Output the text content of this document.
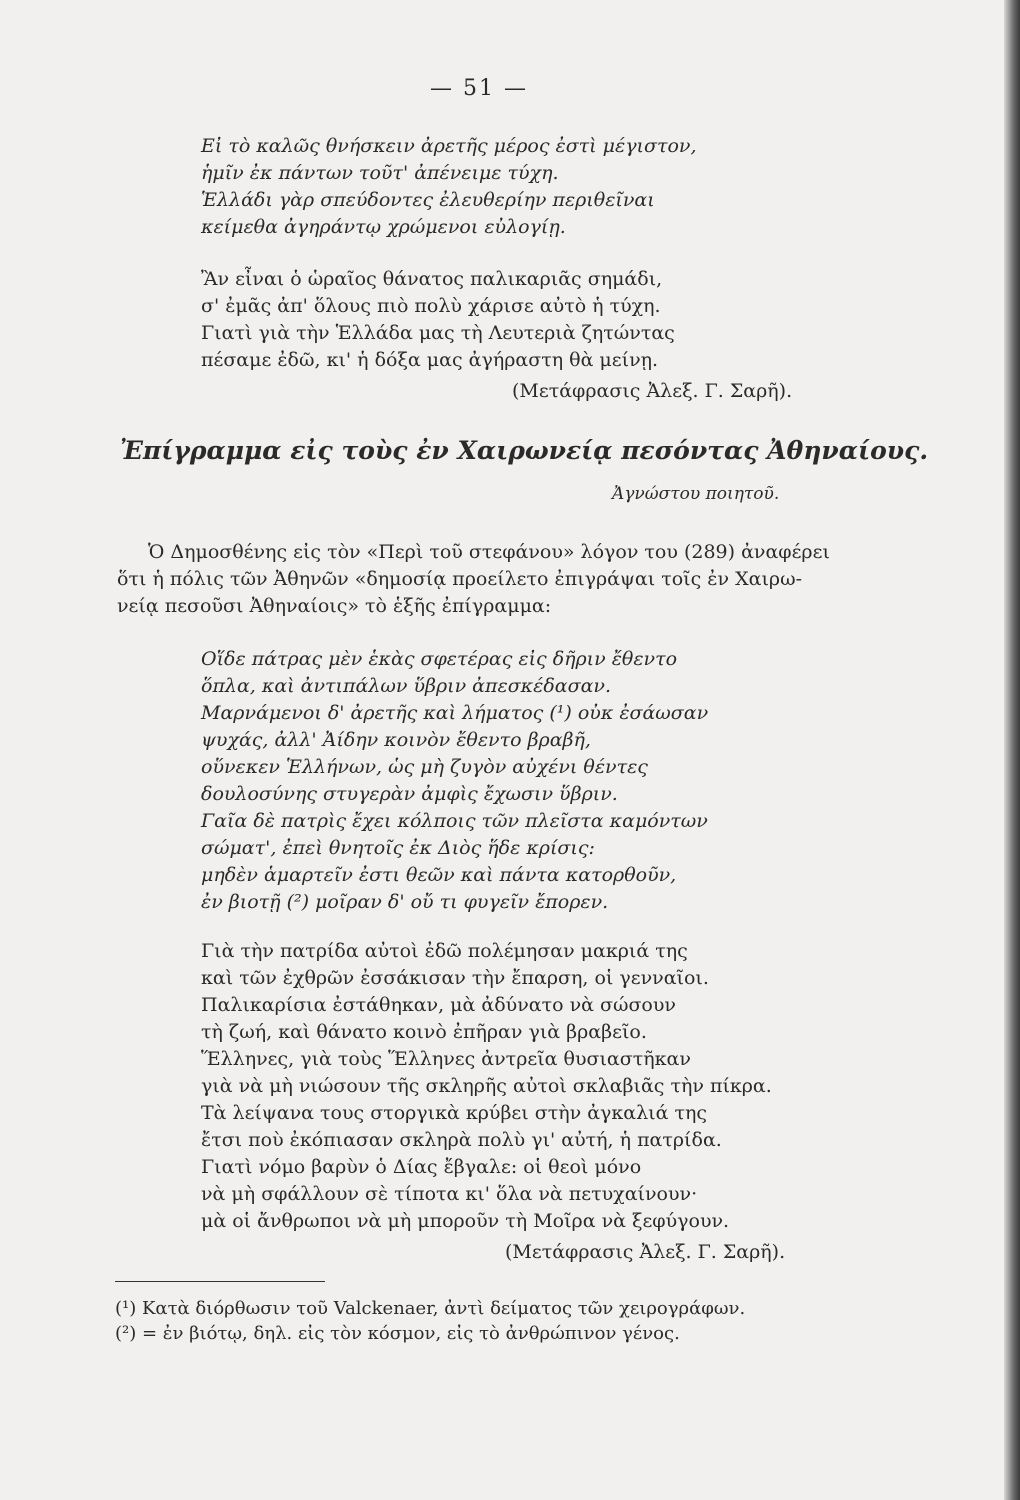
— 51 —
Εἰ τὸ καλῶς θνήσκειν ἀρετῆς μέρος ἐστὶ μέγιστον,
ἡμῖν ἐκ πάντων τοῦτ' ἀπένειμε τύχη.
Ἑλλάδι γὰρ σπεύδοντες ἐλευθερίην περιθεῖναι
κείμεθα ἀγηράντῳ χρώμενοι εὐλογίῃ.
Ἂν εἶναι ὁ ὡραῖος θάνατος παλικαριᾶς σημάδι,
σ' ἐμᾶς ἀπ' ὅλους πιὸ πολὺ χάρισε αὐτὸ ἡ τύχη.
Γιατὶ γιὰ τὴν Ἑλλάδα μας τὴ Λευτεριὰ ζητώντας
πέσαμε ἐδῶ, κι' ἡ δόξα μας ἀγήραστη θὰ μείνῃ.
(Μετάφρασις Ἀλεξ. Γ. Σαρῆ).
Ἐπίγραμμα εἰς τοὺς ἐν Χαιρωνείᾳ πεσόντας Ἀθηναίους.
Ἀγνώστου ποιητοῦ.
Ὁ Δημοσθένης εἰς τὸν «Περὶ τοῦ στεφάνου» λόγον του (289) ἀναφέρει
ὅτι ἡ πόλις τῶν Ἀθηνῶν «δημοσίᾳ προείλετο ἐπιγράψαι τοῖς ἐν Χαιρω-
νείᾳ πεσοῦσι Ἀθηναίοις» τὸ ἑξῆς ἐπίγραμμα:
Οἵδε πάτρας μὲν ἑκὰς σφετέρας εἰς δῆριν ἔθεντο
ὅπλα, καὶ ἀντιπάλων ὕβριν ἀπεσκέδασαν.
Μαρνάμενοι δ' ἀρετῆς καὶ λήματος (¹) οὐκ ἐσάωσαν
ψυχάς, ἀλλ' Ἀίδην κοινὸν ἔθεντο βραβῆ,
οὕνεκεν Ἑλλήνων, ὡς μὴ ζυγὸν αὐχένι θέντες
δουλοσύνης στυγερὰν ἀμφὶς ἔχωσιν ὕβριν.
Γαῖα δὲ πατρὶς ἔχει κόλποις τῶν πλεῖστα καμόντων
σώματ', ἐπεὶ θνητοῖς ἐκ Διὸς ἥδε κρίσις:
μηδὲν ἁμαρτεῖν ἐστι θεῶν καὶ πάντα κατορθοῦν,
ἐν βιοτῇ (²) μοῖραν δ' οὔ τι φυγεῖν ἔπορεν.
Γιὰ τὴν πατρίδα αὐτοὶ ἐδῶ πολέμησαν μακριά της
καὶ τῶν ἐχθρῶν ἐσσάκισαν τὴν ἔπαρση, οἱ γενναῖοι.
Παλικαρίσια ἐστάθηκαν, μὰ ἀδύνατο νὰ σώσουν
τὴ ζωή, καὶ θάνατο κοινὸ ἐπῆραν γιὰ βραβεῖο.
Ἕλληνες, γιὰ τοὺς Ἕλληνες ἀντρεῖα θυσιαστῆκαν
γιὰ νὰ μὴ νιώσουν τῆς σκληρῆς αὐτοὶ σκλαβιᾶς τὴν πίκρα.
Τὰ λείψανα τους στοργικὰ κρύβει στὴν ἀγκαλιά της
ἔτσι ποὺ ἐκόπιασαν σκληρὰ πολὺ γι' αὐτή, ἡ πατρίδα.
Γιατὶ νόμο βαρὺν ὁ Δίας ἔβγαλε: οἱ θεοὶ μόνο
νὰ μὴ σφάλλουν σὲ τίποτα κι' ὅλα νὰ πετυχαίνουν·
μὰ οἱ ἄνθρωποι νὰ μὴ μποροῦν τὴ Μοῖρα νὰ ξεφύγουν.
(Μετάφρασις Ἀλεξ. Γ. Σαρῆ).
(¹) Κατὰ διόρθωσιν τοῦ Valckenaer, ἀντὶ δείματος τῶν χειρογράφων.
(²) = ἐν βιότῳ, δηλ. εἰς τὸν κόσμον, εἰς τὸ ἀνθρώπινον γένος.
